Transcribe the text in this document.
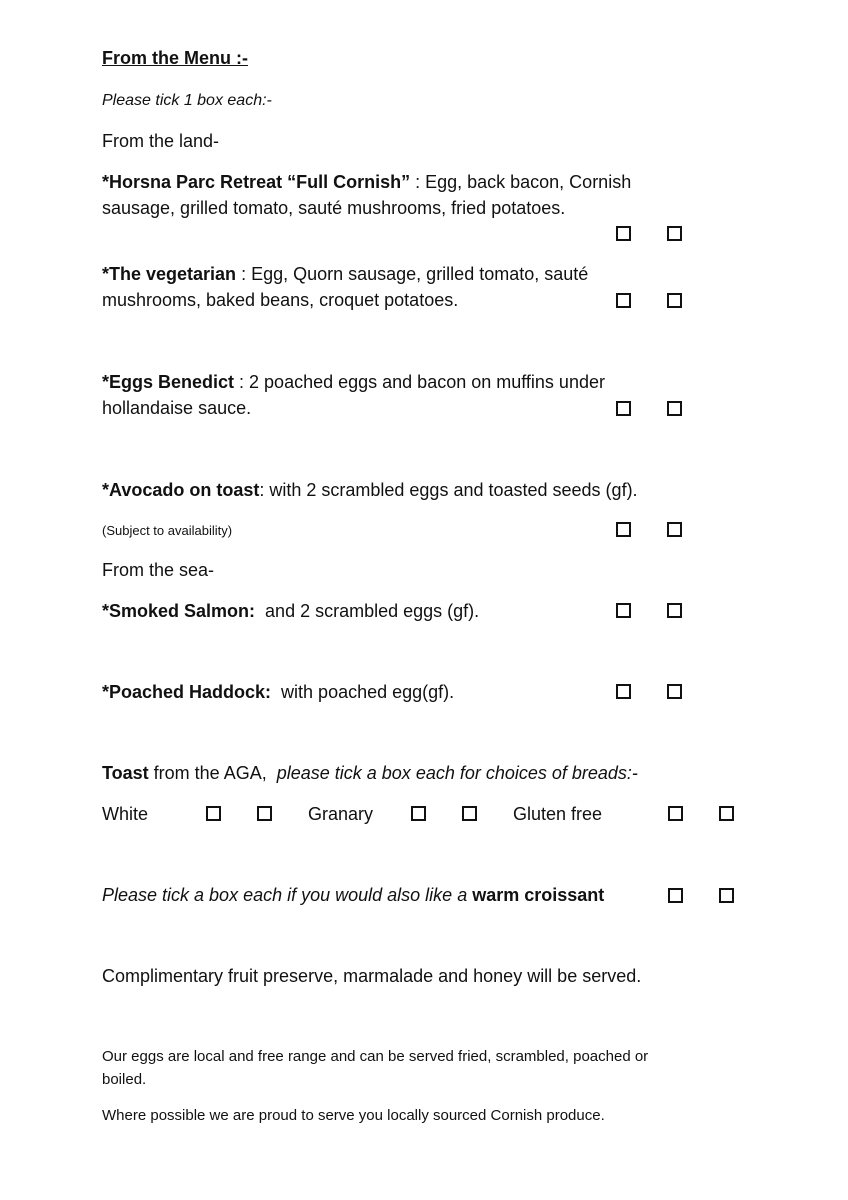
From the Menu :-
Please tick 1 box each:-
From the land-
*Horsna Parc Retreat “Full Cornish” : Egg, back bacon, Cornish
sausage, grilled tomato, sauté mushrooms, fried potatoes.
*The vegetarian : Egg, Quorn sausage, grilled tomato, sauté
mushrooms, baked beans, croquet potatoes.
*Eggs Benedict : 2 poached eggs and bacon on muffins under
hollandaise sauce.
*Avocado on toast: with 2 scrambled eggs and toasted seeds (gf).
(Subject to availability)
From the sea-
*Smoked Salmon:  and 2 scrambled eggs (gf).
*Poached Haddock:  with poached egg(gf).
Toast from the AGA,  please tick a box each for choices of breads:-
White	Granary	Gluten free
Please tick a box each if you would also like a warm croissant
Complimentary fruit preserve, marmalade and honey will be served.
Our eggs are local and free range and can be served fried, scrambled, poached or
boiled.
Where possible we are proud to serve you locally sourced Cornish produce.
